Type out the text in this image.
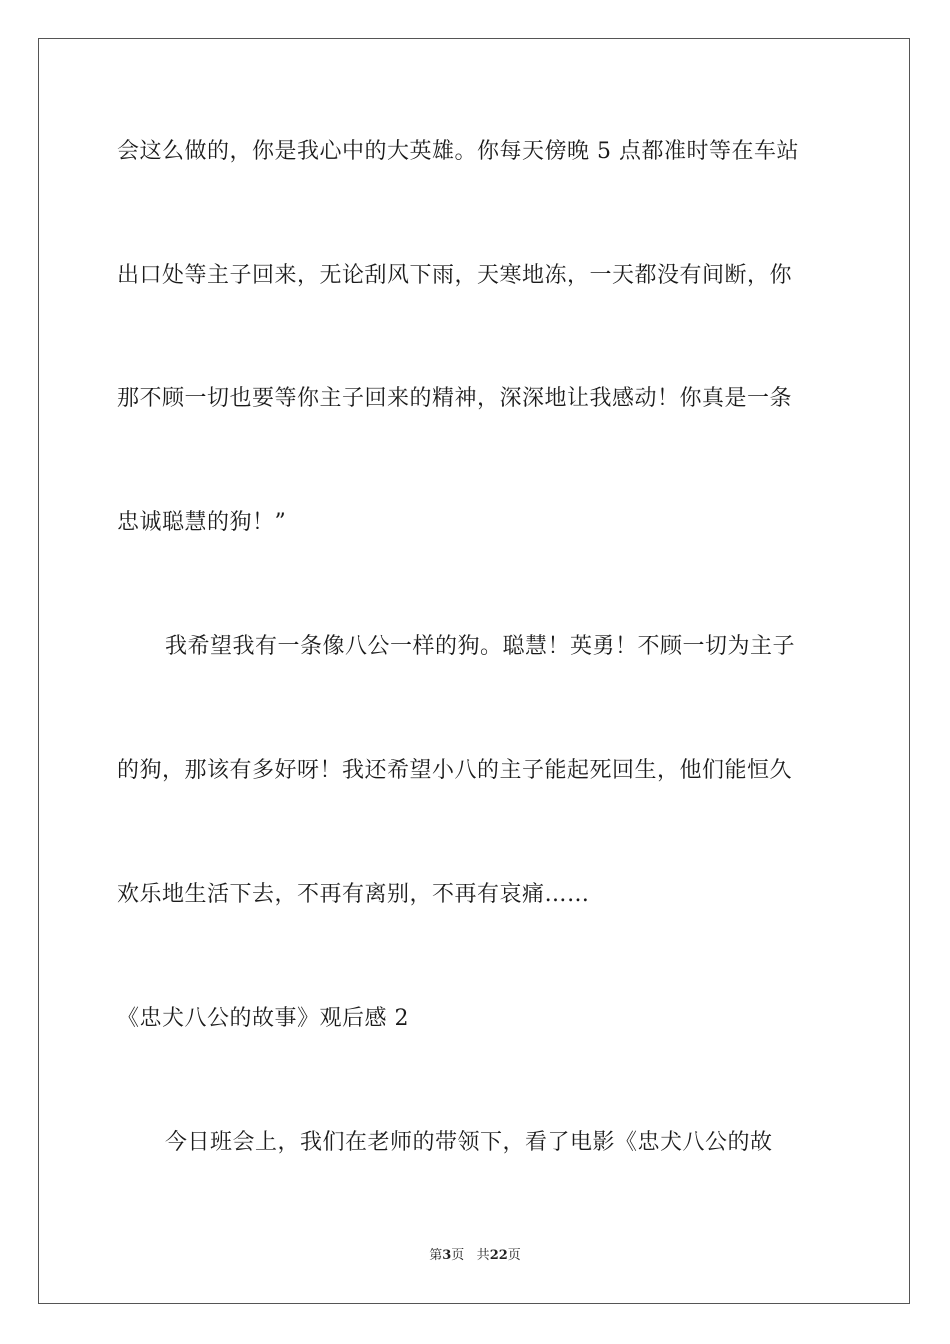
会这么做的，你是我心中的大英雄。你每天傍晚 5 点都准时等在车站
出口处等主子回来，无论刮风下雨，天寒地冻，一天都没有间断，你
那不顾一切也要等你主子回来的精神，深深地让我感动！你真是一条
忠诚聪慧的狗！”
我希望我有一条像八公一样的狗。聪慧！英勇！不顾一切为主子
的狗，那该有多好呀！我还希望小八的主子能起死回生，他们能恒久
欢乐地生活下去，不再有离别，不再有哀痛……
《忠犬八公的故事》观后感 2
今日班会上，我们在老师的带领下，看了电影《忠犬八公的故
第3页 共22页
